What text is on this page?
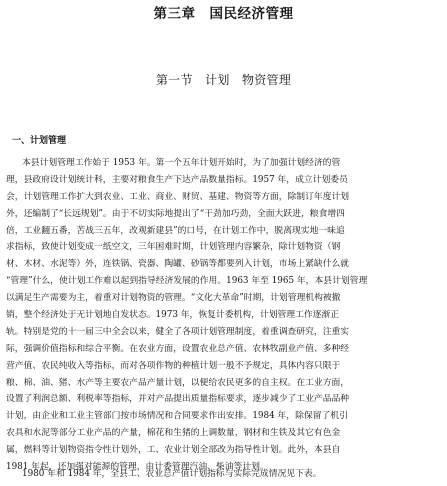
第三章　国民经济管理
第一节　计划　物资管理
一、计划管理
本县计划管理工作始于 1953 年。第一个五年计划开始时，为了加强计划经济的管
理，县政府设计划统计科，主要对粮食生产下达产品数量指标。1957 年，成立计划委员
会，计划管理工作扩大到农业、工业、商业、财贸、基建、物资等方面，除制订年度计划
外，还编制了“长远规划”。由于不切实际地提出了“干劲加巧劲，全面大跃进，粮食增四
倍，工业翻五番，苦战三五年，改观新建县”的口号，在计划工作中，脱离现实地一味追
求指标，致使计划变成一纸空文，三年困难时期，计划管理内容繁杂，除计划物资（钢
材、木材、水泥等）外，连铁锅、瓷器、陶罐、砂锅等都要列入计划，市场上紧缺什么就
“管理”什么，使计划工作难以起到指导经济发展的作用。1963 年至 1965 年，本县计划管理
以满足生产需要为主，着重对计划物资的管理。“文化大革命”时期，计划管理机构被撤
销，整个经济处于无计划地自发状态。1973 年，恢复计委机构，计划管理工作逐渐正
轨。特别是党的十一届三中全会以来，健全了各项计划管理制度，着重调查研究，注重实
际，强调价值指标和综合平衡。在农业方面，设置农业总产值、农林牧副业产值、多种经
营产值、农民纯收入等指标，而对各项作物的种植计划一般不予规定，具体内容只限于
粮、棉、油、猪、水产等主要农产品产量计划，以便给农民更多的自主权。在工业方面，
设置了利润总额、利税率等指标，并对产品提出质量指标要求，逐步减少了工业产品品种
计划，由企业和工业主管部门按市场情况和合同要求作出安排。1984 年，除保留了机引
农具和水泥等部分工业产品的产量，棉花和生猪的上调数量，钢材和生铁及其它有色金
属，燃料等计划物资指令性计划外，工、农业计划全部改为指导性计划。此外，本县自
1981 年起，还加强对能源的管理，由计委管理汽油、柴油等计划。
1980 年和 1984 年，全县工、农业总产值计划指标与实际完成情况见下表。
